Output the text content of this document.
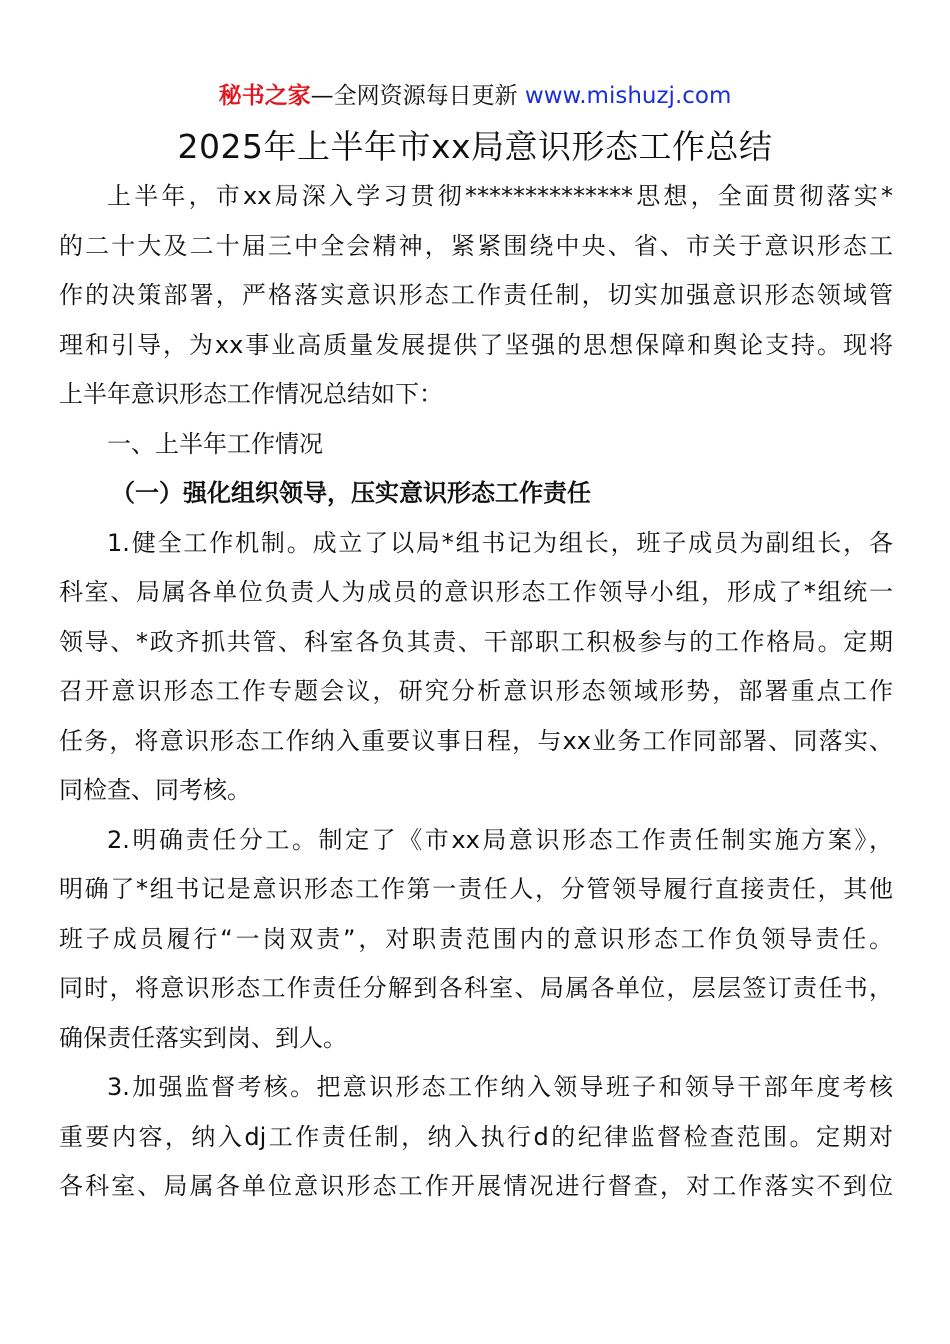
秘书之家—全网资源每日更新 www.mishuzj.com
2025年上半年市xx局意识形态工作总结
上半年，市xx局深入学习贯彻**************思想，全面贯彻落实*
的二十大及二十届三中全会精神，紧紧围绕中央、省、市关于意识形态工
作的决策部署，严格落实意识形态工作责任制，切实加强意识形态领域管
理和引导，为xx事业高质量发展提供了坚强的思想保障和舆论支持。现将
上半年意识形态工作情况总结如下：
一、上半年工作情况
（一）强化组织领导，压实意识形态工作责任
1.健全工作机制。成立了以局*组书记为组长，班子成员为副组长，各
科室、局属各单位负责人为成员的意识形态工作领导小组，形成了*组统一
领导、*政齐抓共管、科室各负其责、干部职工积极参与的工作格局。定期
召开意识形态工作专题会议，研究分析意识形态领域形势，部署重点工作
任务，将意识形态工作纳入重要议事日程，与xx业务工作同部署、同落实、
同检查、同考核。
2.明确责任分工。制定了《市xx局意识形态工作责任制实施方案》，
明确了*组书记是意识形态工作第一责任人，分管领导履行直接责任，其他
班子成员履行“一岗双责”，对职责范围内的意识形态工作负领导责任。
同时，将意识形态工作责任分解到各科室、局属各单位，层层签订责任书，
确保责任落实到岗、到人。
3.加强监督考核。把意识形态工作纳入领导班子和领导干部年度考核
重要内容，纳入dj工作责任制，纳入执行d的纪律监督检查范围。定期对
各科室、局属各单位意识形态工作开展情况进行督查，对工作落实不到位
